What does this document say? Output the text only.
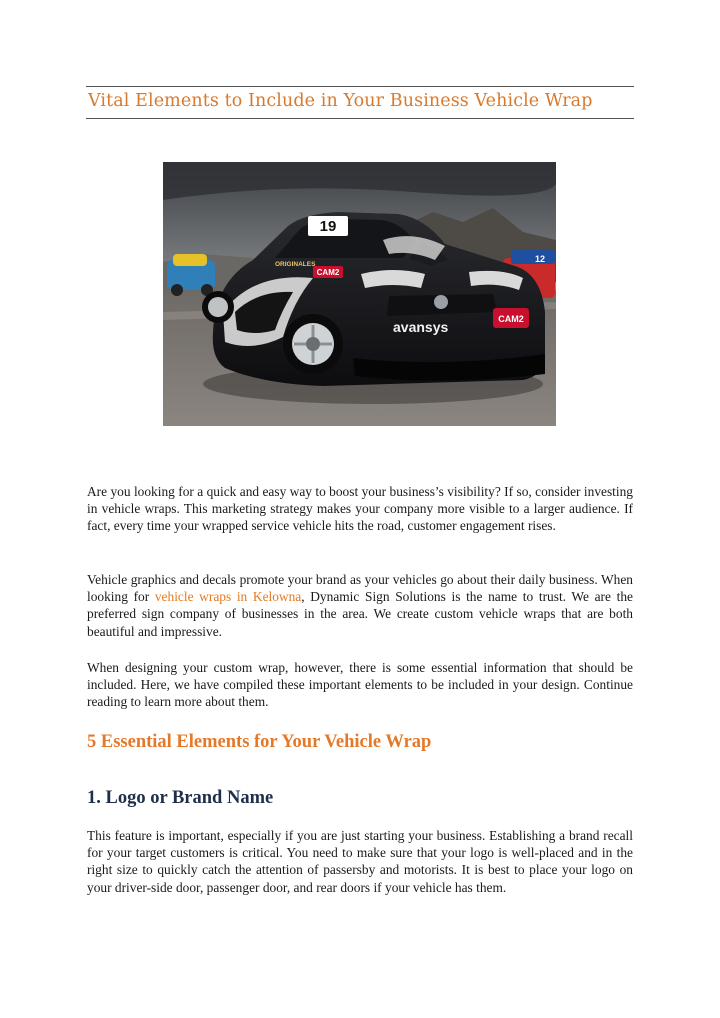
Vital Elements to Include in Your Business Vehicle Wrap
12
CAM2
ORIGINALES
19
avansys	CAM2

Are you looking for a quick and easy way to boost your business’s visibility? If so, consider investing in vehicle wraps. This marketing strategy makes your company more visible to a larger audience. If fact, every time your wrapped service vehicle hits the road, customer engagement rises.

Vehicle graphics and decals promote your brand as your vehicles go about their daily business. When looking for vehicle wraps in Kelowna, Dynamic Sign Solutions is the name to trust. We are the preferred sign company of businesses in the area. We create custom vehicle wraps that are both beautiful and impressive.

When designing your custom wrap, however, there is some essential information that should be included. Here, we have compiled these important elements to be included in your design. Continue reading to learn more about them.

5 Essential Elements for Your Vehicle Wrap
1. Logo or Brand Name

This feature is important, especially if you are just starting your business. Establishing a brand recall for your target customers is critical. You need to make sure that your logo is well-placed and in the right size to quickly catch the attention of passersby and motorists. It is best to place your logo on your driver-side door, passenger door, and rear doors if your vehicle has them.
